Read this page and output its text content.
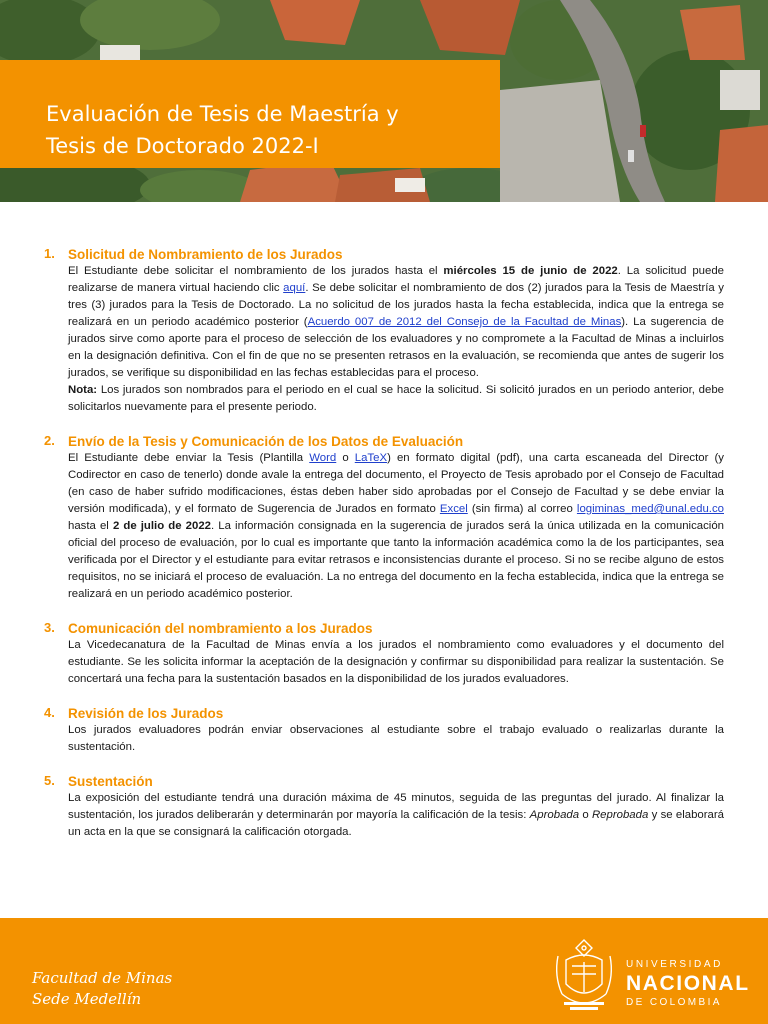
Evaluación de Tesis de Maestría y
Tesis de Doctorado 2022-I
1. Solicitud de Nombramiento de los Jurados
El Estudiante debe solicitar el nombramiento de los jurados hasta el miércoles 15 de junio de 2022. La solicitud puede realizarse de manera virtual haciendo clic aquí. Se debe solicitar el nombramiento de dos (2) jurados para la Tesis de Maestría y tres (3) jurados para la Tesis de Doctorado. La no solicitud de los jurados hasta la fecha establecida, indica que la entrega se realizará en un periodo académico posterior (Acuerdo 007 de 2012 del Consejo de la Facultad de Minas). La sugerencia de jurados sirve como aporte para el proceso de selección de los evaluadores y no compromete a la Facultad de Minas a incluirlos en la designación definitiva. Con el fin de que no se presenten retrasos en la evaluación, se recomienda que antes de sugerir los jurados, se verifique su disponibilidad en las fechas establecidas para el proceso.
Nota: Los jurados son nombrados para el periodo en el cual se hace la solicitud. Si solicitó jurados en un periodo anterior, debe solicitarlos nuevamente para el presente periodo.
2. Envío de la Tesis y Comunicación de los Datos de Evaluación
El Estudiante debe enviar la Tesis (Plantilla Word o LaTeX) en formato digital (pdf), una carta escaneada del Director (y Codirector en caso de tenerlo) donde avale la entrega del documento, el Proyecto de Tesis aprobado por el Consejo de Facultad (en caso de haber sufrido modificaciones, éstas deben haber sido aprobadas por el Consejo de Facultad y se debe enviar la versión modificada), y el formato de Sugerencia de Jurados en formato Excel (sin firma) al correo logiminas_med@unal.edu.co hasta el 2 de julio de 2022. La información consignada en la sugerencia de jurados será la única utilizada en la comunicación oficial del proceso de evaluación, por lo cual es importante que tanto la información académica como la de los participantes, sea verificada por el Director y el estudiante para evitar retrasos e inconsistencias durante el proceso. Si no se recibe alguno de estos requisitos, no se iniciará el proceso de evaluación. La no entrega del documento en la fecha establecida, indica que la entrega se realizará en un periodo académico posterior.
3. Comunicación del nombramiento a los Jurados
La Vicedecanatura de la Facultad de Minas envía a los jurados el nombramiento como evaluadores y el documento del estudiante. Se les solicita informar la aceptación de la designación y confirmar su disponibilidad para realizar la sustentación. Se concertará una fecha para la sustentación basados en la disponibilidad de los jurados evaluadores.
4. Revisión de los Jurados
Los jurados evaluadores podrán enviar observaciones al estudiante sobre el trabajo evaluado o realizarlas durante la sustentación.
5. Sustentación
La exposición del estudiante tendrá una duración máxima de 45 minutos, seguida de las preguntas del jurado. Al finalizar la sustentación, los jurados deliberarán y determinarán por mayoría la calificación de la tesis: Aprobada o Reprobada y se elaborará un acta en la que se consignará la calificación otorgada.
Facultad de Minas
Sede Medellín
UNIVERSIDAD
NACIONAL
DE COLOMBIA
